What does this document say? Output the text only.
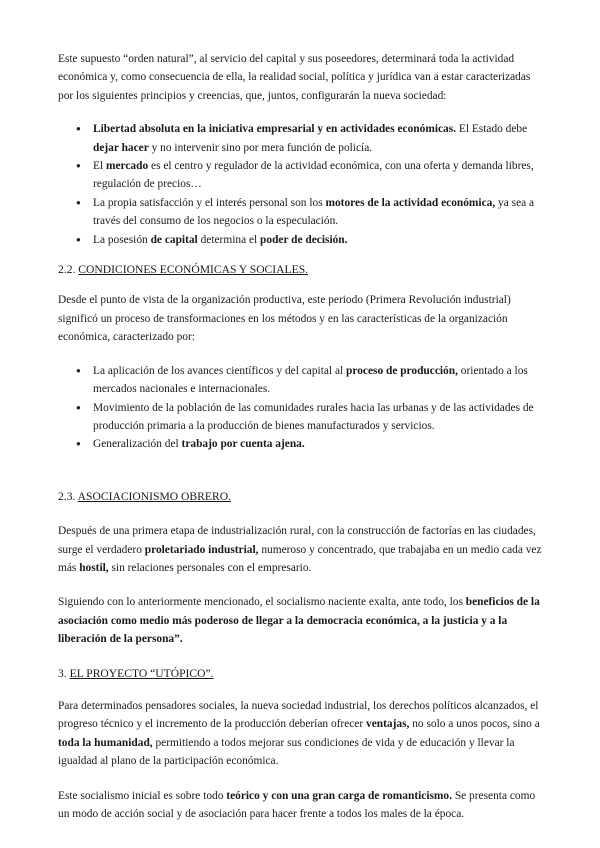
Este supuesto “orden natural”, al servicio del capital y sus poseedores, determinará toda la actividad económica y, como consecuencia de ella, la realidad social, política y jurídica van a estar caracterizadas por los siguientes principios y creencias, que, juntos, configurarán la nueva sociedad:

● Libertad absoluta en la iniciativa empresarial y en actividades económicas. El Estado debe dejar hacer y no intervenir sino por mera función de policía.
● El mercado es el centro y regulador de la actividad económica, con una oferta y demanda libres, regulación de precios…
● La propia satisfacción y el interés personal son los motores de la actividad económica, ya sea a través del consumo de los negocios o la especulación.
● La posesión de capital determina el poder de decisión.

2.2. CONDICIONES ECONÓMICAS Y SOCIALES.

Desde el punto de vista de la organización productiva, este periodo (Primera Revolución industrial) significó un proceso de transformaciones en los métodos y en las características de la organización económica, caracterizado por:

● La aplicación de los avances científicos y del capital al proceso de producción, orientado a los mercados nacionales e internacionales.
● Movimiento de la población de las comunidades rurales hacia las urbanas y de las actividades de producción primaria a la producción de bienes manufacturados y servicios.
● Generalización del trabajo por cuenta ajena.

2.3. ASOCIACIONISMO OBRERO.

Después de una primera etapa de industrialización rural, con la construcción de factorías en las ciudades, surge el verdadero proletariado industrial, numeroso y concentrado, que trabajaba en un medio cada vez más hostil, sin relaciones personales con el empresario.

Siguiendo con lo anteriormente mencionado, el socialismo naciente exalta, ante todo, los beneficios de la asociación como medio más poderoso de llegar a la democracia económica, a la justicia y a la liberación de la persona”.

3. EL PROYECTO “UTÓPICO”.

Para determinados pensadores sociales, la nueva sociedad industrial, los derechos políticos alcanzados, el progreso técnico y el incremento de la producción deberían ofrecer ventajas, no solo a unos pocos, sino a toda la humanidad, permitiendo a todos mejorar sus condiciones de vida y de educación y llevar la igualdad al plano de la participación económica.

Este socialismo inicial es sobre todo teórico y con una gran carga de romanticismo. Se presenta como un modo de acción social y de asociación para hacer frente a todos los males de la época.
